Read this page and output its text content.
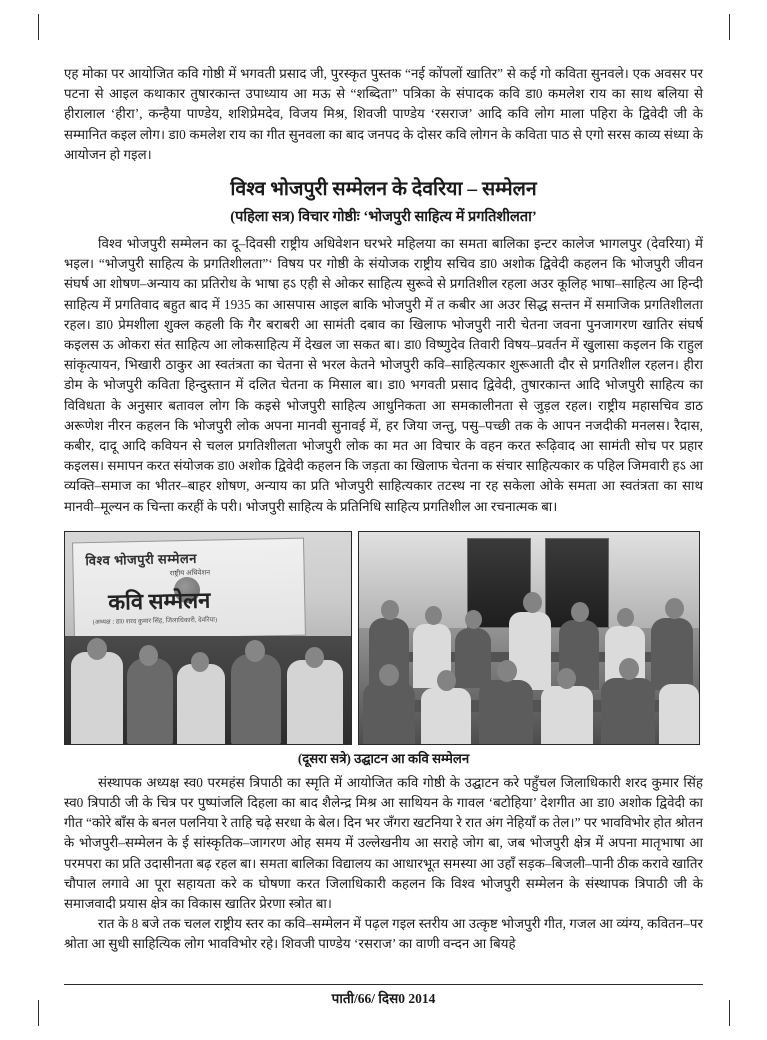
एह मोका पर आयोजित कवि गोष्ठी में भगवती प्रसाद जी, पुरस्कृत पुस्तक “नई कोंपलों खातिर” से कई गो कविता सुनवले। एक अवसर पर पटना से आइल कथाकार तुषारकान्त उपाध्याय आ मऊ से “शब्दिता” पत्रिका के संपादक कवि डा0 कमलेश राय का साथ बलिया से हीरालाल ‘हीरा’, कन्हैया पाण्डेय, शशिप्रेमदेव, विजय मिश्र, शिवजी पाण्डेय ‘रसराज’ आदि कवि लोग माला पहिरा के द्विवेदी जी के सम्मानित कइल लोग। डा0 कमलेश राय का गीत सुनवला का बाद जनपद के दोसर कवि लोगन के कविता पाठ से एगो सरस काव्य संध्या के आयोजन हो गइल।

विश्व भोजपुरी सम्मेलन के देवरिया – सम्मेलन
(पहिला सत्र) विचार गोष्ठीः ‘भोजपुरी साहित्य में प्रगतिशीलता’

विश्व भोजपुरी सम्मेलन का दू–दिवसी राष्ट्रीय अधिवेशन घरभरे महिलया का समता बालिका इन्टर कालेज भागलपुर (देवरिया) में भइल। “भोजपुरी साहित्य के प्रगतिशीलता”‘ विषय पर गोष्ठी के संयोजक राष्ट्रीय सचिव डा0 अशोक द्विवेदी कहलन कि भोजपुरी जीवन संघर्ष आ शोषण–अन्याय का प्रतिरोध के भाषा हऽ एही से ओकर साहित्य सुरूवे से प्रगतिशील रहला अउर कूलिह भाषा–साहित्य आ हिन्दी साहित्य में प्रगतिवाद बहुत बाद में 1935 का आसपास आइल बाकि भोजपुरी में त कबीर आ अउर सिद्ध सन्तन में समाजिक प्रगतिशीलता रहल। डा0 प्रेमशीला शुक्ल कहली कि गैर बराबरी आ सामंती दबाव का खिलाफ भोजपुरी नारी चेतना जवना पुनजागरण खातिर संघर्ष कइलस ऊ ओकरा संत साहित्य आ लोकसाहित्य में देखल जा सकत बा। डा0 विष्णुदेव तिवारी विषय–प्रवर्तन में खुलासा कइलन कि राहुल सांकृत्यायन, भिखारी ठाकुर आ स्वतंत्रता का चेतना से भरल केतने भोजपुरी कवि–साहित्यकार शुरूआती दौर से प्रगतिशील रहलन। हीरा डोम के भोजपुरी कविता हिन्दुस्तान में दलित चेतना क मिसाल बा। डा0 भगवती प्रसाद द्विवेदी, तुषारकान्त आदि भोजपुरी साहित्य का विविधता के अनुसार बतावल लोग कि कइसे भोजपुरी साहित्य आधुनिकता आ समकालीनता से जुड़ल रहल। राष्ट्रीय महासचिव डाठ अरूणेश नीरन कहलन कि भोजपुरी लोक अपना मानवी सुनावई में, हर जिया जन्तु, पसु–पच्छी तक के आपन नजदीकी मनलस। रैदास, कबीर, दादू आदि कवियन से चलल प्रगतिशीलता भोजपुरी लोक का मत आ विचार के वहन करत रूढ़िवाद आ सामंती सोच पर प्रहार कइलस। समापन करत संयोजक डा0 अशोक द्विवेदी कहलन कि जड़ता का खिलाफ चेतना क संचार साहित्यकार क पहिल जिमवारी हऽ आ व्यक्ति–समाज का भीतर–बाहर शोषण, अन्याय का प्रति भोजपुरी साहित्यकार तटस्थ ना रह सकेला ओके समता आ स्वतंत्रता का साथ मानवी–मूल्यन क चिन्ता करहीं के परी। भोजपुरी साहित्य के प्रतिनिधि साहित्य प्रगतिशील आ रचनात्मक बा।

विश्व भोजपुरी सम्मेलन
राष्ट्रीय अधिवेशन
कवि सम्मेलन
(अध्यक्ष : डा0 शरद कुमार सिंह, जिलाधिकारी, देवरिया)
(दूसरा सत्रे) उद्घाटन आ कवि सम्मेलन

संस्थापक अध्यक्ष स्व0 परमहंस त्रिपाठी का स्मृति में आयोजित कवि गोष्ठी के उद्घाटन करे पहुँचल जिलाधिकारी शरद कुमार सिंह स्व0 त्रिपाठी जी के चित्र पर पुष्पांजलि दिहला का बाद शैलेन्द्र मिश्र आ साथियन के गावल ‘बटोहिया’ देशगीत आ डा0 अशोक द्विवेदी का गीत “कोरे बाँस के बनल पलनिया रे ताहि चढ़े सरधा के बेल। दिन भर जँगरा खटनिया रे रात अंग नेहियाँ क तेल।” पर भावविभोर होत श्रोतन के भोजपुरी–सम्मेलन के ई सांस्कृतिक–जागरण ओह समय में उल्लेखनीय आ सराहे जोग बा, जब भोजपुरी क्षेत्र में अपना मातृभाषा आ परमपरा का प्रति उदासीनता बढ़ रहल बा। समता बालिका विद्यालय का आधारभूत समस्या आ उहाँ सड़क–बिजली–पानी ठीक करावे खातिर चौपाल लगावे आ पूरा सहायता करे क घोषणा करत जिलाधिकारी कहलन कि विश्व भोजपुरी सम्मेलन के संस्थापक त्रिपाठी जी के समाजवादी प्रयास क्षेत्र का विकास खातिर प्रेरणा स्त्रोत बा।

रात के 8 बजे तक चलल राष्ट्रीय स्तर का कवि–सम्मेलन में पढ़ल गइल स्तरीय आ उत्कृष्ट भोजपुरी गीत, गजल आ व्यंग्य, कवितन–पर श्रोता आ सुधी साहित्यिक लोग भावविभोर रहे। शिवजी पाण्डेय ‘रसराज’ का वाणी वन्दन आ बियहे

पाती/66/ दिस0 2014
